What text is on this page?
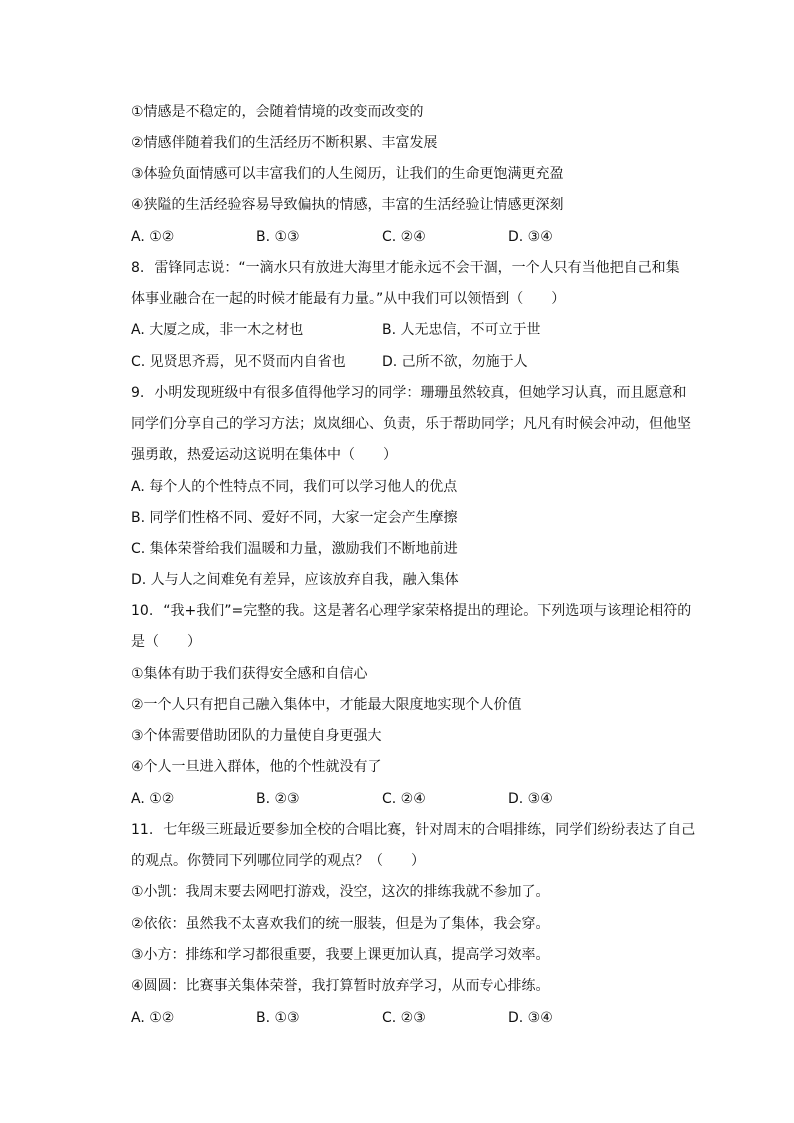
①情感是不稳定的，会随着情境的改变而改变的
②情感伴随着我们的生活经历不断积累、丰富发展
③体验负面情感可以丰富我们的人生阅历，让我们的生命更饱满更充盈
④狭隘的生活经验容易导致偏执的情感，丰富的生活经验让情感更深刻
A. ①②	B. ①③	C. ②④	D. ③④
8. 雷锋同志说：“一滴水只有放进大海里才能永远不会干涸，一个人只有当他把自己和集
体事业融合在一起的时候才能最有力量。”从中我们可以领悟到（　　）
A. 大厦之成，非一木之材也	B. 人无忠信，不可立于世
C. 见贤思齐焉，见不贤而内自省也	D. 己所不欲，勿施于人
9. 小明发现班级中有很多值得他学习的同学：珊珊虽然较真，但她学习认真，而且愿意和
同学们分享自己的学习方法；岚岚细心、负责，乐于帮助同学；凡凡有时候会冲动，但他坚
强勇敢，热爱运动这说明在集体中（　　）
A. 每个人的个性特点不同，我们可以学习他人的优点
B. 同学们性格不同、爱好不同，大家一定会产生摩擦
C. 集体荣誉给我们温暖和力量，激励我们不断地前进
D. 人与人之间难免有差异，应该放弃自我，融入集体
10. “我+我们”=完整的我。这是著名心理学家荣格提出的理论。下列选项与该理论相符的
是（　　）
①集体有助于我们获得安全感和自信心
②一个人只有把自己融入集体中，才能最大限度地实现个人价值
③个体需要借助团队的力量使自身更强大
④个人一旦进入群体，他的个性就没有了
A. ①②	B. ②③	C. ②④	D. ③④
11. 七年级三班最近要参加全校的合唱比赛，针对周末的合唱排练，同学们纷纷表达了自己
的观点。你赞同下列哪位同学的观点？（　　）
①小凯：我周末要去网吧打游戏，没空，这次的排练我就不参加了。
②依依：虽然我不太喜欢我们的统一服装，但是为了集体，我会穿。
③小方：排练和学习都很重要，我要上课更加认真，提高学习效率。
④圆圆：比赛事关集体荣誉，我打算暂时放弃学习，从而专心排练。
A. ①②	B. ①③	C. ②③	D. ③④
